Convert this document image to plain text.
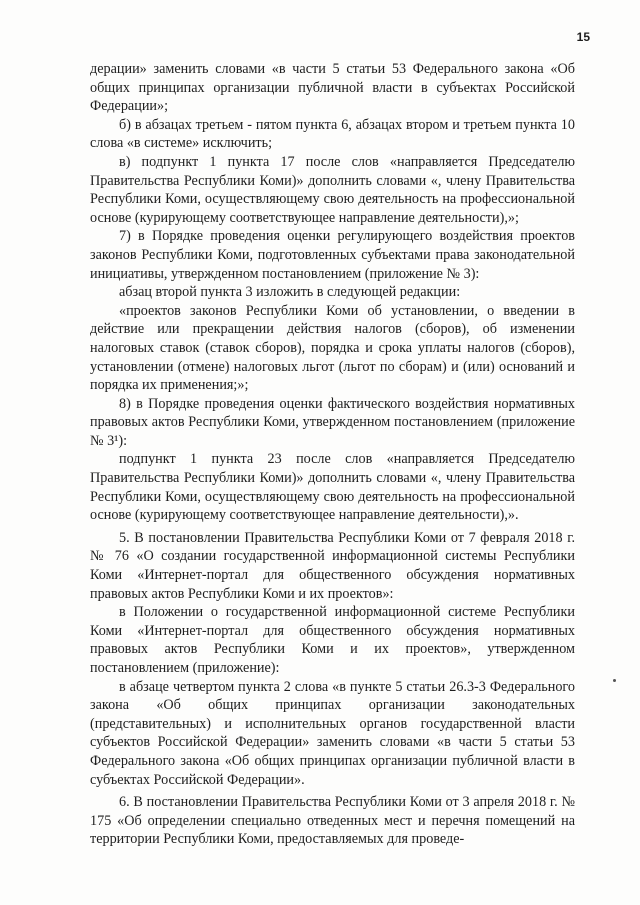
15

дерации» заменить словами «в части 5 статьи 53 Федерального закона «Об общих принципах организации публичной власти в субъектах Российской Федерации»;

б) в абзацах третьем - пятом пункта 6, абзацах втором и третьем пункта 10 слова «в системе» исключить;

в) подпункт 1 пункта 17 после слов «направляется Председателю Правительства Республики Коми)» дополнить словами «, члену Правительства Республики Коми, осуществляющему свою деятельность на профессиональной основе (курирующему соответствующее направление деятельности),»;

7) в Порядке проведения оценки регулирующего воздействия проектов законов Республики Коми, подготовленных субъектами права законодательной инициативы, утвержденном постановлением (приложение № 3):

абзац второй пункта 3 изложить в следующей редакции:

«проектов законов Республики Коми об установлении, о введении в действие или прекращении действия налогов (сборов), об изменении налоговых ставок (ставок сборов), порядка и срока уплаты налогов (сборов), установлении (отмене) налоговых льгот (льгот по сборам) и (или) оснований и порядка их применения;»;

8) в Порядке проведения оценки фактического воздействия нормативных правовых актов Республики Коми, утвержденном постановлением (приложение № 3¹):

подпункт 1 пункта 23 после слов «направляется Председателю Правительства Республики Коми)» дополнить словами «, члену Правительства Республики Коми, осуществляющему свою деятельность на профессиональной основе (курирующему соответствующее направление деятельности),».

5. В постановлении Правительства Республики Коми от 7 февраля 2018 г. № 76 «О создании государственной информационной системы Республики Коми «Интернет-портал для общественного обсуждения нормативных правовых актов Республики Коми и их проектов»:

в Положении о государственной информационной системе Республики Коми «Интернет-портал для общественного обсуждения нормативных правовых актов Республики Коми и их проектов», утвержденном постановлением (приложение):

в абзаце четвертом пункта 2 слова «в пункте 5 статьи 26.3-3 Федерального закона «Об общих принципах организации законодательных (представительных) и исполнительных органов государственной власти субъектов Российской Федерации» заменить словами «в части 5 статьи 53 Федерального закона «Об общих принципах организации публичной власти в субъектах Российской Федерации».

6. В постановлении Правительства Республики Коми от 3 апреля 2018 г. № 175 «Об определении специально отведенных мест и перечня помещений на территории Республики Коми, предоставляемых для проведе-
